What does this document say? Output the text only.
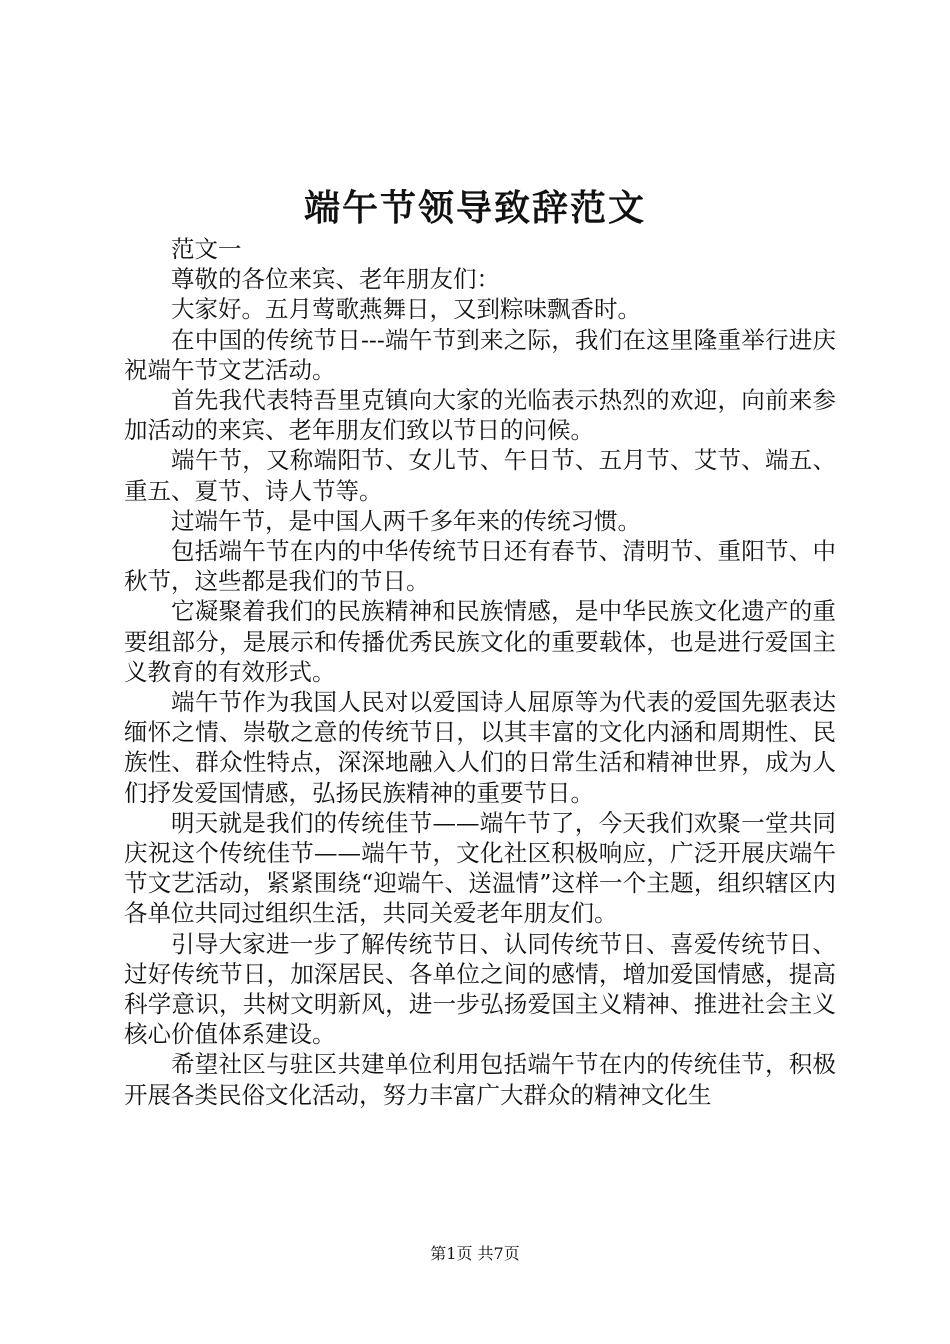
端午节领导致辞范文

范文一

尊敬的各位来宾、老年朋友们：

大家好。五月莺歌燕舞日，又到粽味飘香时。

在中国的传统节日---端午节到来之际，我们在这里隆重举行进庆祝端午节文艺活动。

首先我代表特吾里克镇向大家的光临表示热烈的欢迎，向前来参加活动的来宾、老年朋友们致以节日的问候。

端午节，又称端阳节、女儿节、午日节、五月节、艾节、端五、重五、夏节、诗人节等。

过端午节，是中国人两千多年来的传统习惯。

包括端午节在内的中华传统节日还有春节、清明节、重阳节、中秋节，这些都是我们的节日。

它凝聚着我们的民族精神和民族情感，是中华民族文化遗产的重要组部分，是展示和传播优秀民族文化的重要载体，也是进行爱国主义教育的有效形式。

端午节作为我国人民对以爱国诗人屈原等为代表的爱国先驱表达缅怀之情、崇敬之意的传统节日，以其丰富的文化内涵和周期性、民族性、群众性特点，深深地融入人们的日常生活和精神世界，成为人们抒发爱国情感，弘扬民族精神的重要节日。

明天就是我们的传统佳节——端午节了，今天我们欢聚一堂共同庆祝这个传统佳节——端午节，文化社区积极响应，广泛开展庆端午节文艺活动，紧紧围绕“迎端午、送温情”这样一个主题，组织辖区内各单位共同过组织生活，共同关爱老年朋友们。

引导大家进一步了解传统节日、认同传统节日、喜爱传统节日、过好传统节日，加深居民、各单位之间的感情，增加爱国情感，提高科学意识，共树文明新风，进一步弘扬爱国主义精神、推进社会主义核心价值体系建设。

希望社区与驻区共建单位利用包括端午节在内的传统佳节，积极开展各类民俗文化活动，努力丰富广大群众的精神文化生

第1页 共7页
